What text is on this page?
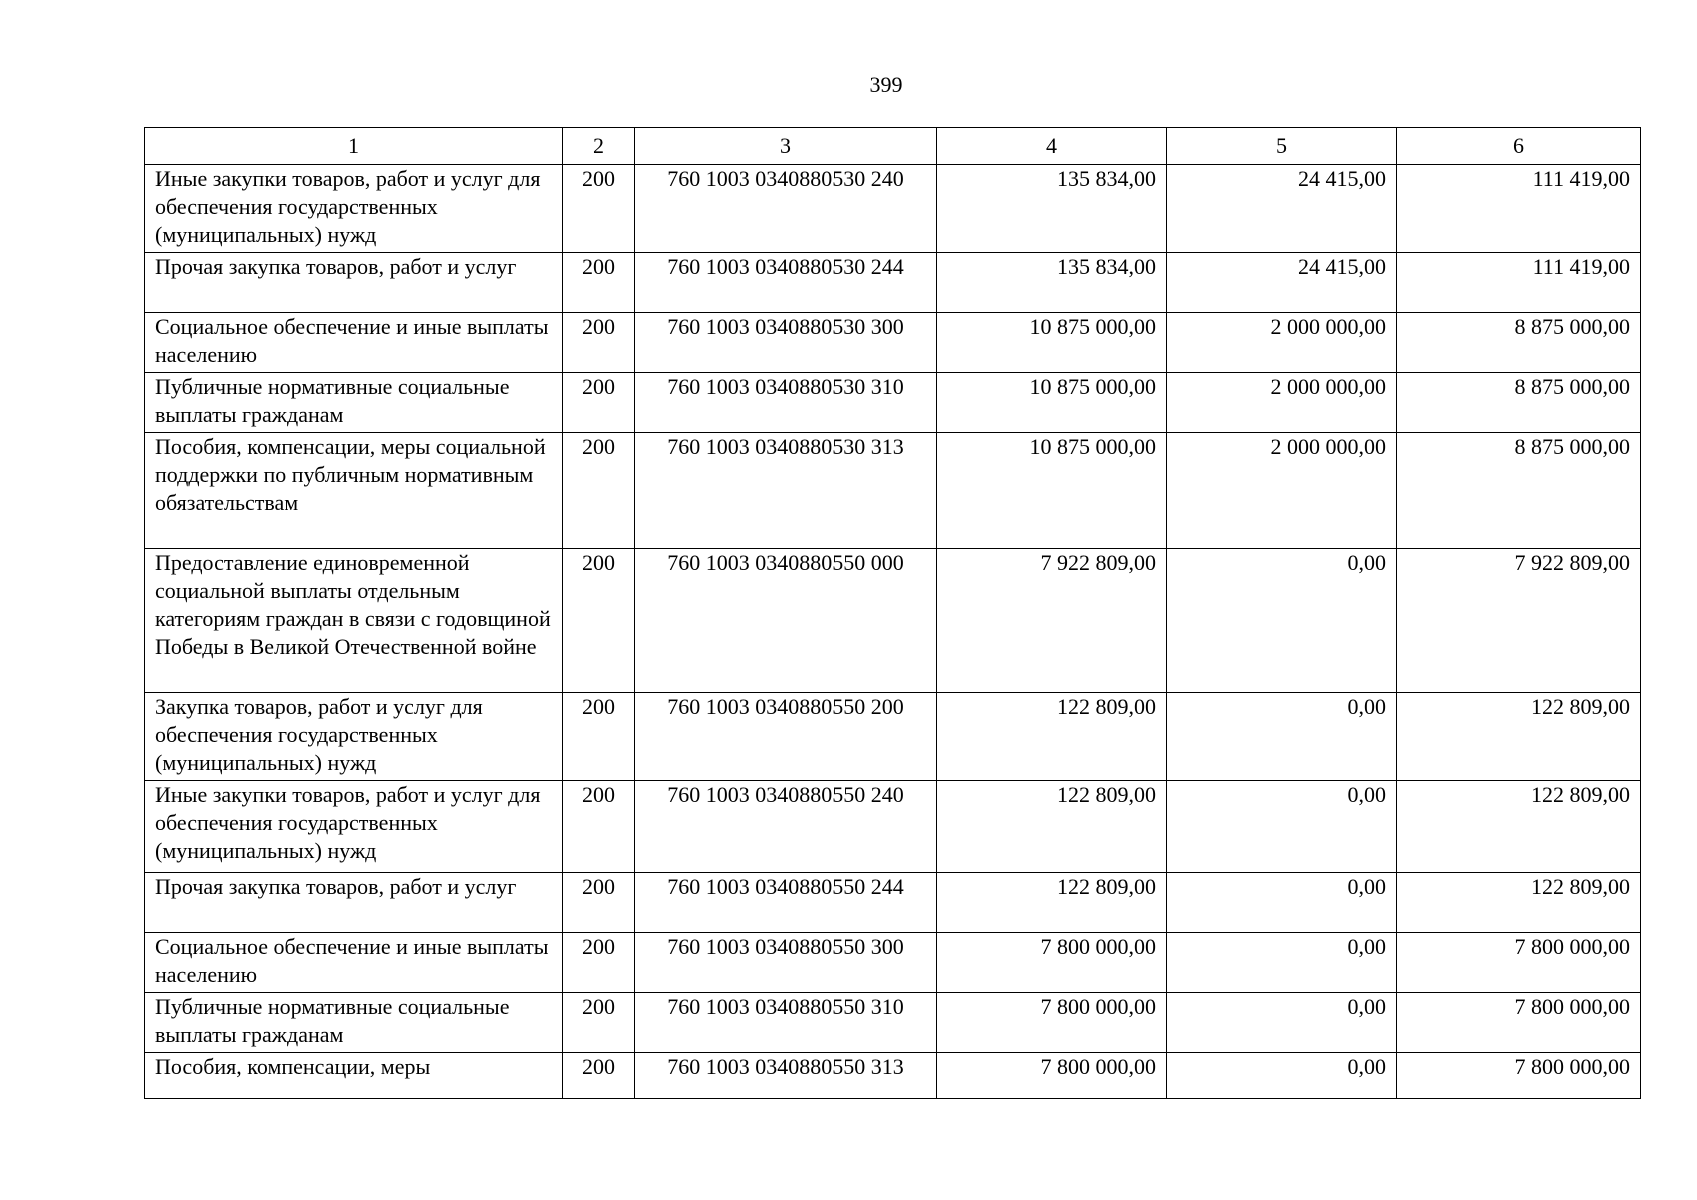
399
1	2	3	4	5	6
Иные закупки товаров, работ и услуг для обеспечения государственных (муниципальных) нужд	200	760 1003 0340880530 240	135 834,00	24 415,00	111 419,00
Прочая закупка товаров, работ и услуг	200	760 1003 0340880530 244	135 834,00	24 415,00	111 419,00
Социальное обеспечение и иные выплаты населению	200	760 1003 0340880530 300	10 875 000,00	2 000 000,00	8 875 000,00
Публичные нормативные социальные выплаты гражданам	200	760 1003 0340880530 310	10 875 000,00	2 000 000,00	8 875 000,00
Пособия, компенсации, меры социальной поддержки по публичным нормативным обязательствам	200	760 1003 0340880530 313	10 875 000,00	2 000 000,00	8 875 000,00
Предоставление единовременной социальной выплаты отдельным категориям граждан в связи с годовщиной Победы в Великой Отечественной войне	200	760 1003 0340880550 000	7 922 809,00	0,00	7 922 809,00
Закупка товаров, работ и услуг для обеспечения государственных (муниципальных) нужд	200	760 1003 0340880550 200	122 809,00	0,00	122 809,00
Иные закупки товаров, работ и услуг для обеспечения государственных (муниципальных) нужд	200	760 1003 0340880550 240	122 809,00	0,00	122 809,00
Прочая закупка товаров, работ и услуг	200	760 1003 0340880550 244	122 809,00	0,00	122 809,00
Социальное обеспечение и иные выплаты населению	200	760 1003 0340880550 300	7 800 000,00	0,00	7 800 000,00
Публичные нормативные социальные выплаты гражданам	200	760 1003 0340880550 310	7 800 000,00	0,00	7 800 000,00
Пособия, компенсации, меры	200	760 1003 0340880550 313	7 800 000,00	0,00	7 800 000,00
